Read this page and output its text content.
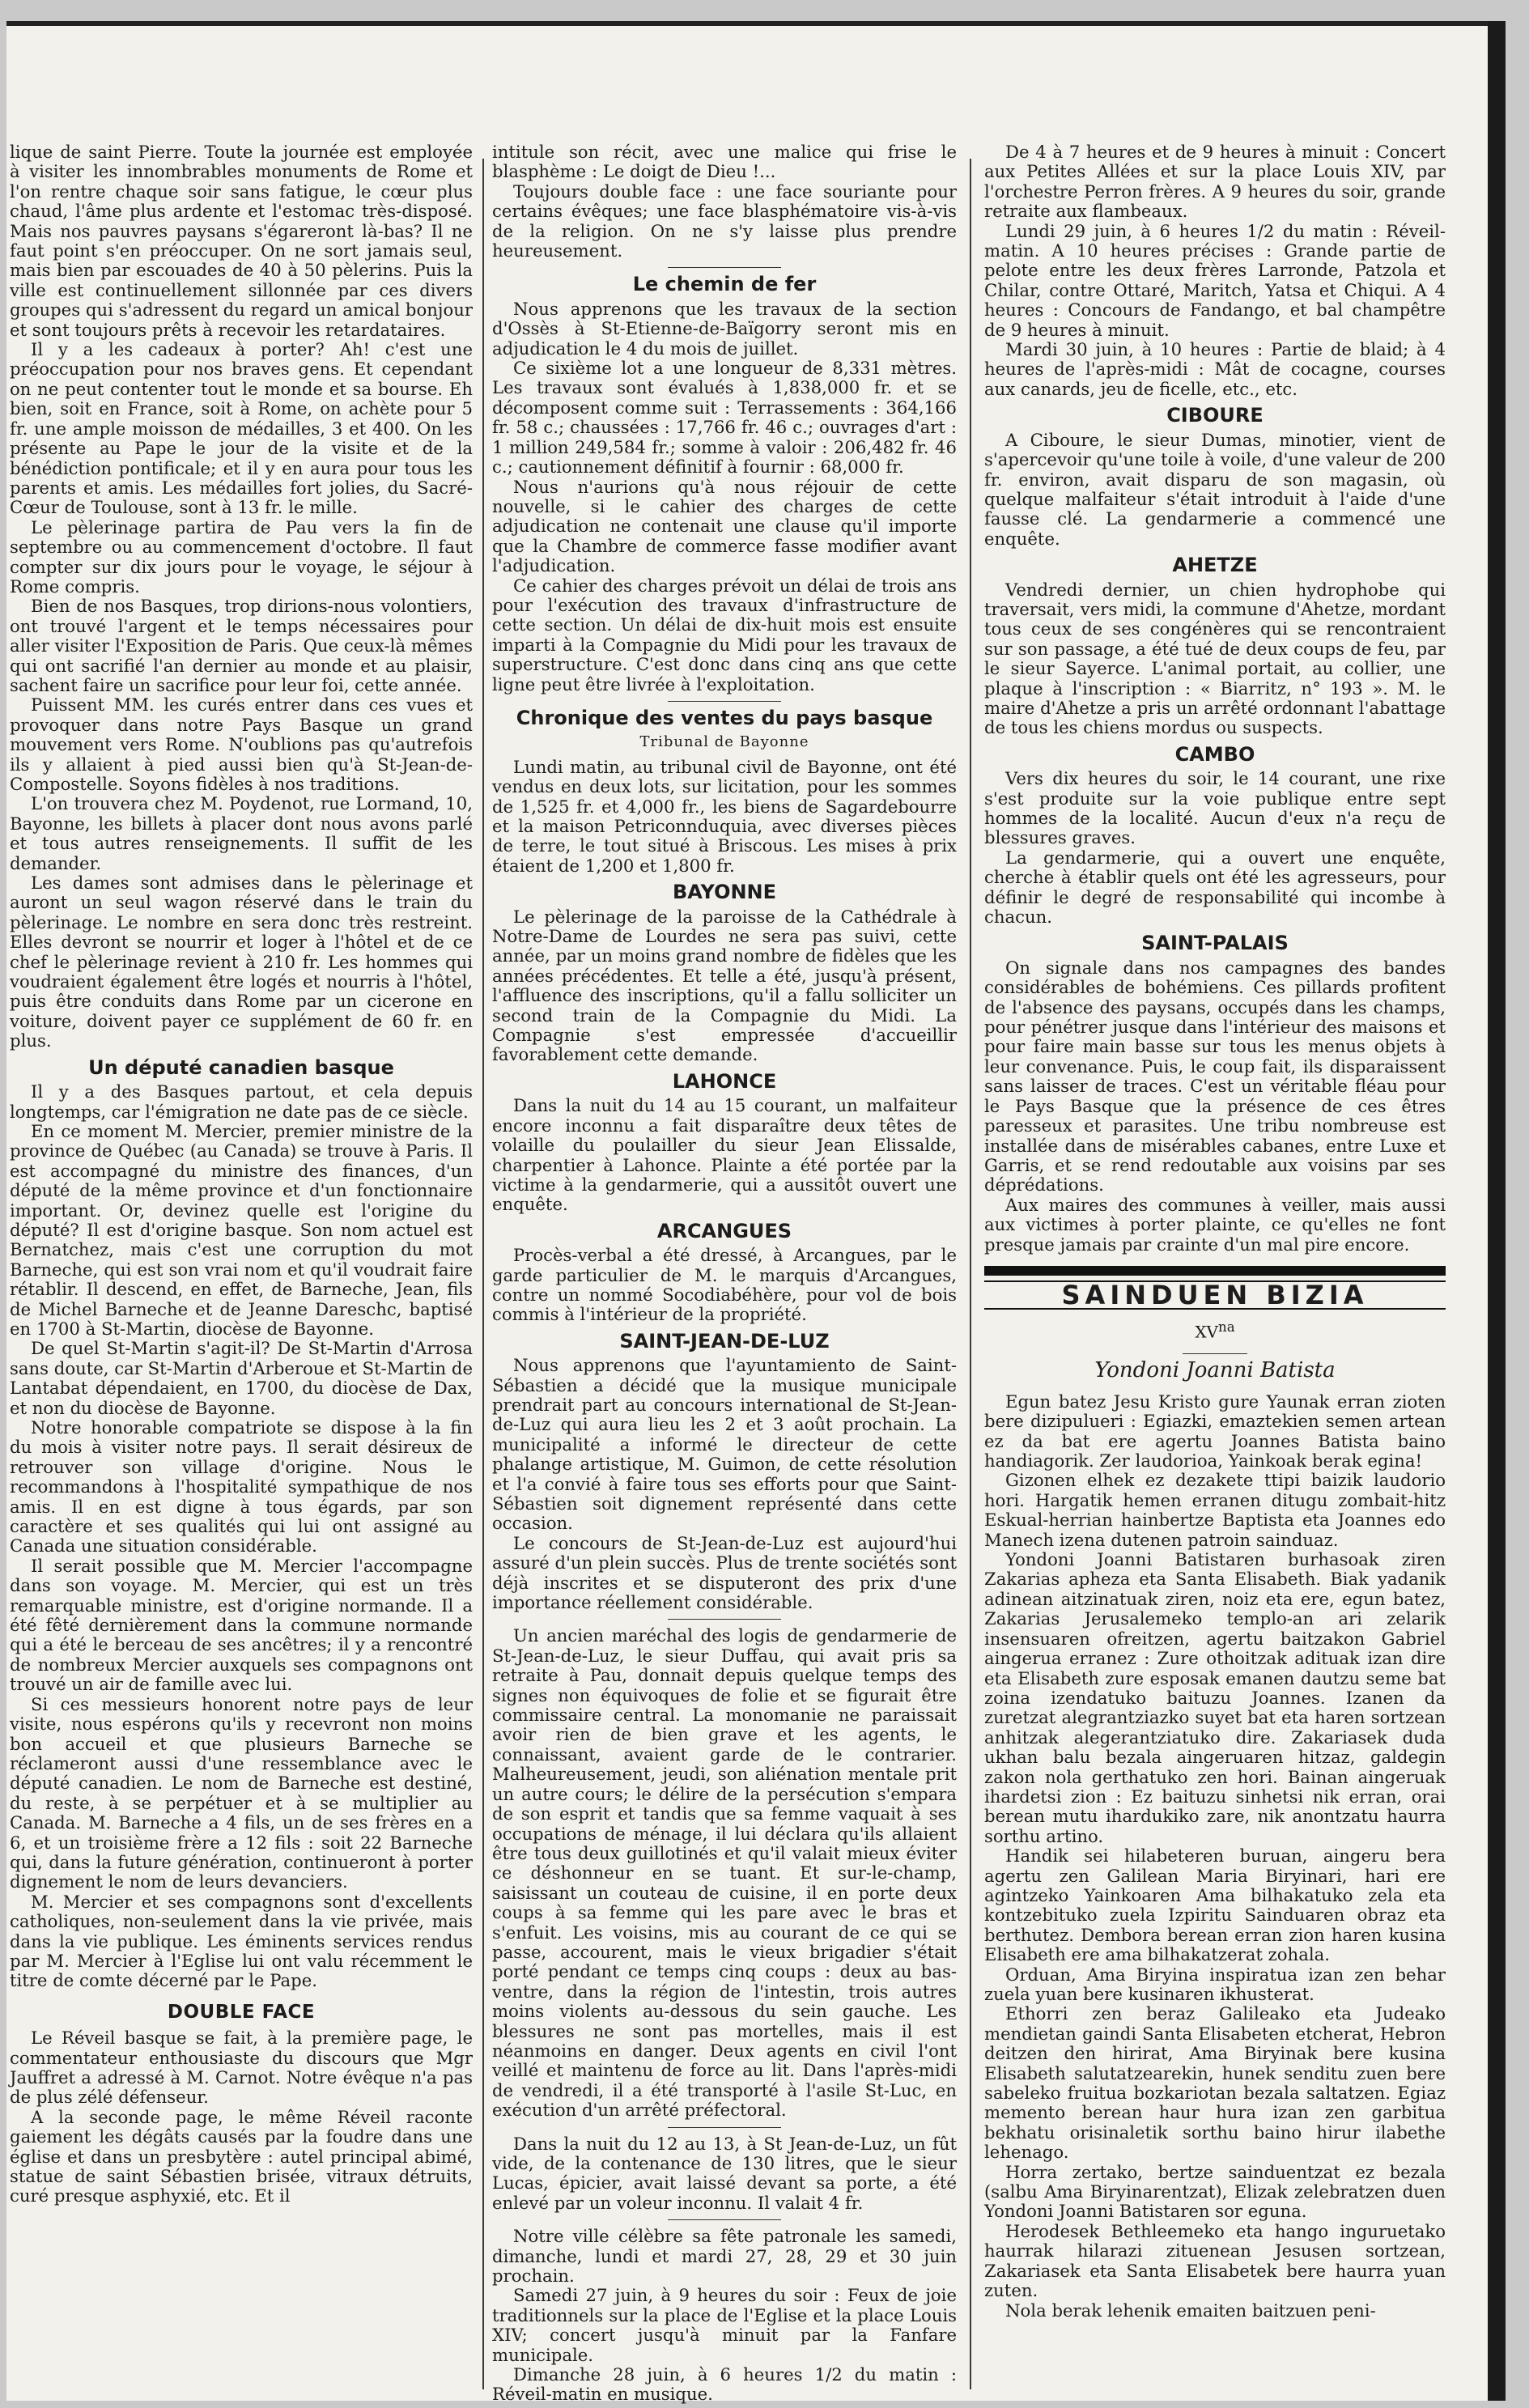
lique de saint Pierre. Toute la journée est employée à visiter les innombrables monuments de Rome et l'on rentre chaque soir sans fatigue, le cœur plus chaud, l'âme plus ardente et l'estomac très-disposé. Mais nos pauvres paysans s'égareront là-bas? Il ne faut point s'en préoccuper. On ne sort jamais seul, mais bien par escouades de 40 à 50 pèlerins. Puis la ville est continuellement sillonnée par ces divers groupes qui s'adressent du regard un amical bonjour et sont toujours prêts à recevoir les retardataires.

Il y a les cadeaux à porter? Ah! c'est une préoccupation pour nos braves gens. Et cependant on ne peut contenter tout le monde et sa bourse. Eh bien, soit en France, soit à Rome, on achète pour 5 fr. une ample moisson de médailles, 3 et 400. On les présente au Pape le jour de la visite et de la bénédiction pontificale; et il y en aura pour tous les parents et amis. Les médailles fort jolies, du Sacré-Cœur de Toulouse, sont à 13 fr. le mille.

Le pèlerinage partira de Pau vers la fin de septembre ou au commencement d'octobre. Il faut compter sur dix jours pour le voyage, le séjour à Rome compris.

Bien de nos Basques, trop dirions-nous volontiers, ont trouvé l'argent et le temps nécessaires pour aller visiter l'Exposition de Paris. Que ceux-là mêmes qui ont sacrifié l'an dernier au monde et au plaisir, sachent faire un sacrifice pour leur foi, cette année.

Puissent MM. les curés entrer dans ces vues et provoquer dans notre Pays Basque un grand mouvement vers Rome. N'oublions pas qu'autrefois ils y allaient à pied aussi bien qu'à St-Jean-de-Compostelle. Soyons fidèles à nos traditions.

L'on trouvera chez M. Poydenot, rue Lormand, 10, Bayonne, les billets à placer dont nous avons parlé et tous autres renseignements. Il suffit de les demander.

Les dames sont admises dans le pèlerinage et auront un seul wagon réservé dans le train du pèlerinage. Le nombre en sera donc très restreint. Elles devront se nourrir et loger à l'hôtel et de ce chef le pèlerinage revient à 210 fr. Les hommes qui voudraient également être logés et nourris à l'hôtel, puis être conduits dans Rome par un cicerone en voiture, doivent payer ce supplément de 60 fr. en plus.

Un député canadien basque

Il y a des Basques partout, et cela depuis longtemps, car l'émigration ne date pas de ce siècle.

En ce moment M. Mercier, premier ministre de la province de Québec (au Canada) se trouve à Paris. Il est accompagné du ministre des finances, d'un député de la même province et d'un fonctionnaire important. Or, devinez quelle est l'origine du député? Il est d'origine basque. Son nom actuel est Bernatchez, mais c'est une corruption du mot Barneche, qui est son vrai nom et qu'il voudrait faire rétablir. Il descend, en effet, de Barneche, Jean, fils de Michel Barneche et de Jeanne Dareschc, baptisé en 1700 à St-Martin, diocèse de Bayonne.

De quel St-Martin s'agit-il? De St-Martin d'Arrosa sans doute, car St-Martin d'Arberoue et St-Martin de Lantabat dépendaient, en 1700, du diocèse de Dax, et non du diocèse de Bayonne.

Notre honorable compatriote se dispose à la fin du mois à visiter notre pays. Il serait désireux de retrouver son village d'origine. Nous le recommandons à l'hospitalité sympathique de nos amis. Il en est digne à tous égards, par son caractère et ses qualités qui lui ont assigné au Canada une situation considérable.

Il serait possible que M. Mercier l'accompagne dans son voyage. M. Mercier, qui est un très remarquable ministre, est d'origine normande. Il a été fêté dernièrement dans la commune normande qui a été le berceau de ses ancêtres; il y a rencontré de nombreux Mercier auxquels ses compagnons ont trouvé un air de famille avec lui.

Si ces messieurs honorent notre pays de leur visite, nous espérons qu'ils y recevront non moins bon accueil et que plusieurs Barneche se réclameront aussi d'une ressemblance avec le député canadien. Le nom de Barneche est destiné, du reste, à se perpétuer et à se multiplier au Canada. M. Barneche a 4 fils, un de ses frères en a 6, et un troisième frère a 12 fils : soit 22 Barneche qui, dans la future génération, continueront à porter dignement le nom de leurs devanciers.

M. Mercier et ses compagnons sont d'excellents catholiques, non-seulement dans la vie privée, mais dans la vie publique. Les éminents services rendus par M. Mercier à l'Eglise lui ont valu récemment le titre de comte décerné par le Pape.

DOUBLE FACE

Le Réveil basque se fait, à la première page, le commentateur enthousiaste du discours que Mgr Jauffret a adressé à M. Carnot. Notre évêque n'a pas de plus zélé défenseur.

A la seconde page, le même Réveil raconte gaiement les dégâts causés par la foudre dans une église et dans un presbytère : autel principal abimé, statue de saint Sébastien brisée, vitraux détruits, curé presque asphyxié, etc. Et il

intitule son récit, avec une malice qui frise le blasphème : Le doigt de Dieu !...

Toujours double face : une face souriante pour certains évêques; une face blasphématoire vis-à-vis de la religion. On ne s'y laisse plus prendre heureusement.

Le chemin de fer

Nous apprenons que les travaux de la section d'Ossès à St-Etienne-de-Baïgorry seront mis en adjudication le 4 du mois de juillet.

Ce sixième lot a une longueur de 8,331 mètres. Les travaux sont évalués à 1,838,000 fr. et se décomposent comme suit : Terrassements : 364,166 fr. 58 c.; chaussées : 17,766 fr. 46 c.; ouvrages d'art : 1 million 249,584 fr.; somme à valoir : 206,482 fr. 46 c.; cautionnement définitif à fournir : 68,000 fr.

Nous n'aurions qu'à nous réjouir de cette nouvelle, si le cahier des charges de cette adjudication ne contenait une clause qu'il importe que la Chambre de commerce fasse modifier avant l'adjudication.

Ce cahier des charges prévoit un délai de trois ans pour l'exécution des travaux d'infrastructure de cette section. Un délai de dix-huit mois est ensuite imparti à la Compagnie du Midi pour les travaux de superstructure. C'est donc dans cinq ans que cette ligne peut être livrée à l'exploitation.

Chronique des ventes du pays basque
Tribunal de Bayonne

Lundi matin, au tribunal civil de Bayonne, ont été vendus en deux lots, sur licitation, pour les sommes de 1,525 fr. et 4,000 fr., les biens de Sagardebourre et la maison Petriconnduquia, avec diverses pièces de terre, le tout situé à Briscous. Les mises à prix étaient de 1,200 et 1,800 fr.

BAYONNE

Le pèlerinage de la paroisse de la Cathédrale à Notre-Dame de Lourdes ne sera pas suivi, cette année, par un moins grand nombre de fidèles que les années précédentes. Et telle a été, jusqu'à présent, l'affluence des inscriptions, qu'il a fallu solliciter un second train de la Compagnie du Midi. La Compagnie s'est empressée d'accueillir favorablement cette demande.

LAHONCE

Dans la nuit du 14 au 15 courant, un malfaiteur encore inconnu a fait disparaître deux têtes de volaille du poulailler du sieur Jean Elissalde, charpentier à Lahonce. Plainte a été portée par la victime à la gendarmerie, qui a aussitôt ouvert une enquête.

ARCANGUES

Procès-verbal a été dressé, à Arcangues, par le garde particulier de M. le marquis d'Arcangues, contre un nommé Socodiabéhère, pour vol de bois commis à l'intérieur de la propriété.

SAINT-JEAN-DE-LUZ

Nous apprenons que l'ayuntamiento de Saint-Sébastien a décidé que la musique municipale prendrait part au concours international de St-Jean-de-Luz qui aura lieu les 2 et 3 août prochain. La municipalité a informé le directeur de cette phalange artistique, M. Guimon, de cette résolution et l'a convié à faire tous ses efforts pour que Saint-Sébastien soit dignement représenté dans cette occasion.

Le concours de St-Jean-de-Luz est aujourd'hui assuré d'un plein succès. Plus de trente sociétés sont déjà inscrites et se disputeront des prix d'une importance réellement considérable.

Un ancien maréchal des logis de gendarmerie de St-Jean-de-Luz, le sieur Duffau, qui avait pris sa retraite à Pau, donnait depuis quelque temps des signes non équivoques de folie et se figurait être commissaire central. La monomanie ne paraissait avoir rien de bien grave et les agents, le connaissant, avaient garde de le contrarier. Malheureusement, jeudi, son aliénation mentale prit un autre cours; le délire de la persécution s'empara de son esprit et tandis que sa femme vaquait à ses occupations de ménage, il lui déclara qu'ils allaient être tous deux guillotinés et qu'il valait mieux éviter ce déshonneur en se tuant. Et sur-le-champ, saisissant un couteau de cuisine, il en porte deux coups à sa femme qui les pare avec le bras et s'enfuit. Les voisins, mis au courant de ce qui se passe, accourent, mais le vieux brigadier s'était porté pendant ce temps cinq coups : deux au bas-ventre, dans la région de l'intestin, trois autres moins violents au-dessous du sein gauche. Les blessures ne sont pas mortelles, mais il est néanmoins en danger. Deux agents en civil l'ont veillé et maintenu de force au lit. Dans l'après-midi de vendredi, il a été transporté à l'asile St-Luc, en exécution d'un arrêté préfectoral.

Dans la nuit du 12 au 13, à St Jean-de-Luz, un fût vide, de la contenance de 130 litres, que le sieur Lucas, épicier, avait laissé devant sa porte, a été enlevé par un voleur inconnu. Il valait 4 fr.

Notre ville célèbre sa fête patronale les samedi, dimanche, lundi et mardi 27, 28, 29 et 30 juin prochain.

Samedi 27 juin, à 9 heures du soir : Feux de joie traditionnels sur la place de l'Eglise et la place Louis XIV; concert jusqu'à minuit par la Fanfare municipale.

Dimanche 28 juin, à 6 heures 1/2 du matin : Réveil-matin en musique.

De 4 à 7 heures et de 9 heures à minuit : Concert aux Petites Allées et sur la place Louis XIV, par l'orchestre Perron frères. A 9 heures du soir, grande retraite aux flambeaux.

Lundi 29 juin, à 6 heures 1/2 du matin : Réveil-matin. A 10 heures précises : Grande partie de pelote entre les deux frères Larronde, Patzola et Chilar, contre Ottaré, Maritch, Yatsa et Chiqui. A 4 heures : Concours de Fandango, et bal champêtre de 9 heures à minuit.

Mardi 30 juin, à 10 heures : Partie de blaid; à 4 heures de l'après-midi : Mât de cocagne, courses aux canards, jeu de ficelle, etc., etc.

CIBOURE

A Ciboure, le sieur Dumas, minotier, vient de s'apercevoir qu'une toile à voile, d'une valeur de 200 fr. environ, avait disparu de son magasin, où quelque malfaiteur s'était introduit à l'aide d'une fausse clé. La gendarmerie a commencé une enquête.

AHETZE

Vendredi dernier, un chien hydrophobe qui traversait, vers midi, la commune d'Ahetze, mordant tous ceux de ses congénères qui se rencontraient sur son passage, a été tué de deux coups de feu, par le sieur Sayerce. L'animal portait, au collier, une plaque à l'inscription : « Biarritz, n° 193 ». M. le maire d'Ahetze a pris un arrêté ordonnant l'abattage de tous les chiens mordus ou suspects.

CAMBO

Vers dix heures du soir, le 14 courant, une rixe s'est produite sur la voie publique entre sept hommes de la localité. Aucun d'eux n'a reçu de blessures graves.

La gendarmerie, qui a ouvert une enquête, cherche à établir quels ont été les agresseurs, pour définir le degré de responsabilité qui incombe à chacun.

SAINT-PALAIS

On signale dans nos campagnes des bandes considérables de bohémiens. Ces pillards profitent de l'absence des paysans, occupés dans les champs, pour pénétrer jusque dans l'intérieur des maisons et pour faire main basse sur tous les menus objets à leur convenance. Puis, le coup fait, ils disparaissent sans laisser de traces. C'est un véritable fléau pour le Pays Basque que la présence de ces êtres paresseux et parasites. Une tribu nombreuse est installée dans de misérables cabanes, entre Luxe et Garris, et se rend redoutable aux voisins par ses déprédations.

Aux maires des communes à veiller, mais aussi aux victimes à porter plainte, ce qu'elles ne font presque jamais par crainte d'un mal pire encore.

SAINDUEN BIZIA
$XV^{na}$
Yondoni Joanni Batista

Egun batez Jesu Kristo gure Yaunak erran zioten bere dizipulueri : Egiazki, emaztekien semen artean ez da bat ere agertu Joannes Batista baino handiagorik. Zer laudorioa, Yainkoak berak egina!

Gizonen elhek ez dezakete ttipi baizik laudorio hori. Hargatik hemen erranen ditugu zombait-hitz Eskual-herrian hainbertze Baptista eta Joannes edo Manech izena dutenen patroin sainduaz.

Yondoni Joanni Batistaren burhasoak ziren Zakarias apheza eta Santa Elisabeth. Biak yadanik adinean aitzinatuak ziren, noiz eta ere, egun batez, Zakarias Jerusalemeko templo-an ari zelarik insensuaren ofreitzen, agertu baitzakon Gabriel aingerua erranez : Zure othoitzak adituak izan dire eta Elisabeth zure esposak emanen dautzu seme bat zoina izendatuko baituzu Joannes. Izanen da zuretzat alegrantziazko suyet bat eta haren sortzean anhitzak alegerantziatuko dire. Zakariasek duda ukhan balu bezala aingeruaren hitzaz, galdegin zakon nola gerthatuko zen hori. Bainan aingeruak ihardetsi zion : Ez baituzu sinhetsi nik erran, orai berean mutu ihardukiko zare, nik anontzatu haurra sorthu artino.

Handik sei hilabeteren buruan, aingeru bera agertu zen Galilean Maria Biryinari, hari ere agintzeko Yainkoaren Ama bilhakatuko zela eta kontzebituko zuela Izpiritu Sainduaren obraz eta berthutez. Dembora berean erran zion haren kusina Elisabeth ere ama bilhakatzerat zohala.

Orduan, Ama Biryina inspiratua izan zen behar zuela yuan bere kusinaren ikhusterat.

Ethorri zen beraz Galileako eta Judeako mendietan gaindi Santa Elisabeten etcherat, Hebron deitzen den hirirat, Ama Biryinak bere kusina Elisabeth salutatzearekin, hunek senditu zuen bere sabeleko fruitua bozkariotan bezala saltatzen. Egiaz memento berean haur hura izan zen garbitua bekhatu orisinaletik sorthu baino hirur ilabethe lehenago.

Horra zertako, bertze sainduentzat ez bezala (salbu Ama Biryinarentzat), Elizak zelebratzen duen Yondoni Joanni Batistaren sor eguna.

Herodesek Bethleemeko eta hango inguruetako haurrak hilarazi zituenean Jesusen sortzean, Zakariasek eta Santa Elisabetek bere haurra yuan zuten.

Nola berak lehenik emaiten baitzuen peni-
